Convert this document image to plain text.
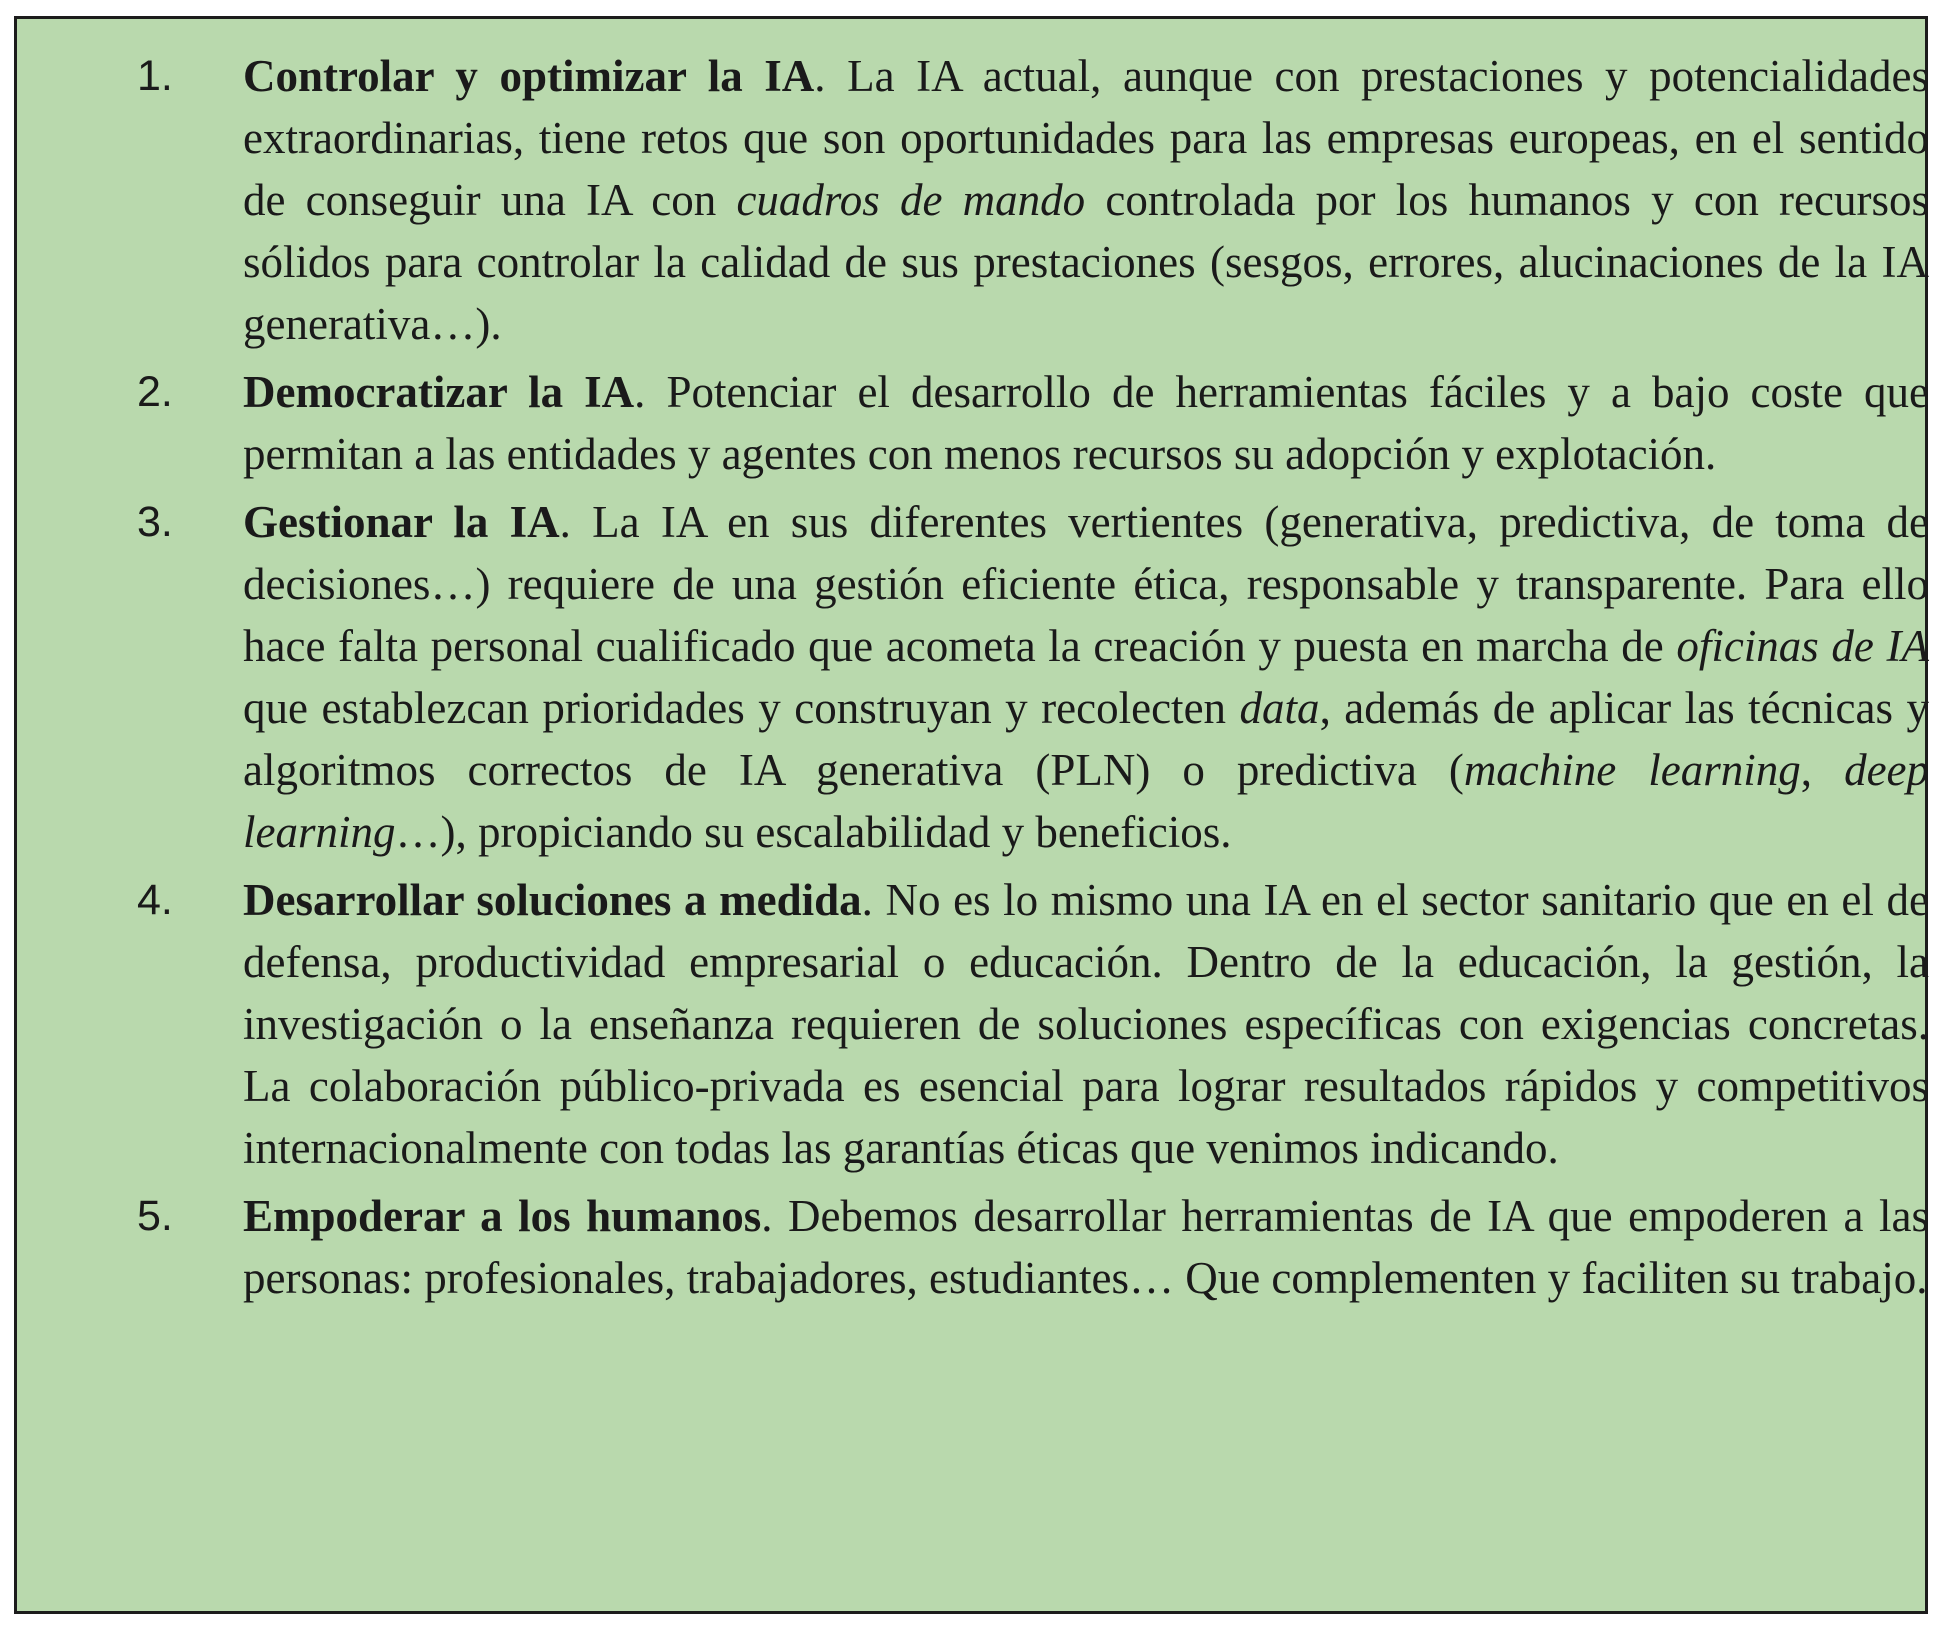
1.	Controlar y optimizar la IA. La IA actual, aunque con prestaciones y potencialidades extraordinarias, tiene retos que son oportunidades para las empresas europeas, en el sentido de conseguir una IA con cuadros de mando controlada por los humanos y con recursos sólidos para controlar la calidad de sus prestaciones (sesgos, errores, alucinaciones de la IA generativa…).

2.	Democratizar la IA. Potenciar el desarrollo de herramientas fáciles y a bajo coste que permitan a las entidades y agentes con menos recursos su adopción y explotación.

3.	Gestionar la IA. La IA en sus diferentes vertientes (generativa, predictiva, de toma de decisiones…) requiere de una gestión eficiente ética, responsable y transparente. Para ello hace falta personal cualificado que acometa la creación y puesta en marcha de oficinas de IA que establezcan prioridades y construyan y recolecten data, además de aplicar las técnicas y algoritmos correctos de IA generativa (PLN) o predictiva (machine learning, deep learning…), propiciando su escalabilidad y beneficios.

4.	Desarrollar soluciones a medida. No es lo mismo una IA en el sector sanitario que en el de defensa, productividad empresarial o educación. Dentro de la educación, la gestión, la investigación o la enseñanza requieren de soluciones específicas con exigencias concretas. La colaboración público-privada es esencial para lograr resultados rápidos y competitivos internacionalmente con todas las garantías éticas que venimos indicando.

5.	Empoderar a los humanos. Debemos desarrollar herramientas de IA que empoderen a las personas: profesionales, trabajadores, estudiantes… Que complementen y faciliten su trabajo.
